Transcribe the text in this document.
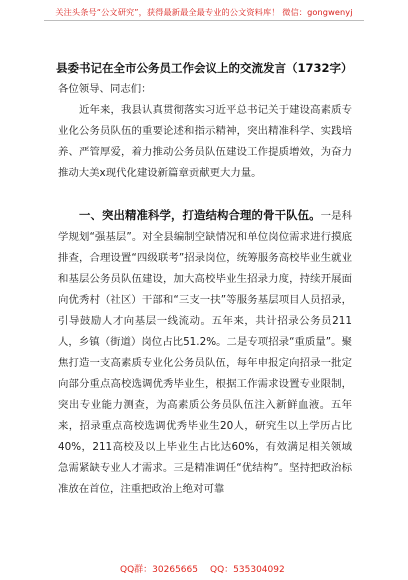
关注头条号“公文研究”，获得最新最全最专业的公文资料库！ 微信：gongwenyj
县委书记在全市公务员工作会议上的交流发言（1732字）
各位领导、同志们：
近年来，我县认真贯彻落实习近平总书记关于建设高素质专业化公务员队伍的重要论述和指示精神，突出精准科学、实践培养、严管厚爱，着力推动公务员队伍建设工作提质增效，为奋力推动大美x现代化建设新篇章贡献更大力量。
一、突出精准科学，打造结构合理的骨干队伍。一是科学规划“强基层”。对全县编制空缺情况和单位岗位需求进行摸底排查，合理设置“四级联考”招录岗位，统筹服务高校毕业生就业和基层公务员队伍建设，加大高校毕业生招录力度，持续开展面向优秀村（社区）干部和“三支一扶”等服务基层项目人员招录，引导鼓励人才向基层一线流动。五年来，共计招录公务员211人，乡镇（街道）岗位占比51.2%。二是专项招录“重质量”。聚焦打造一支高素质专业化公务员队伍，每年申报定向招录一批定向部分重点高校选调优秀毕业生，根据工作需求设置专业限制，突出专业能力测查，为高素质公务员队伍注入新鲜血液。五年来，招录重点高校选调优秀毕业生20人，研究生以上学历占比40%，211高校及以上毕业生占比达60%，有效满足相关领域急需紧缺专业人才需求。三是精准调任“优结构”。坚持把政治标准放在首位，注重把政治上绝对可靠
QQ群：30265665 QQ：535304092
